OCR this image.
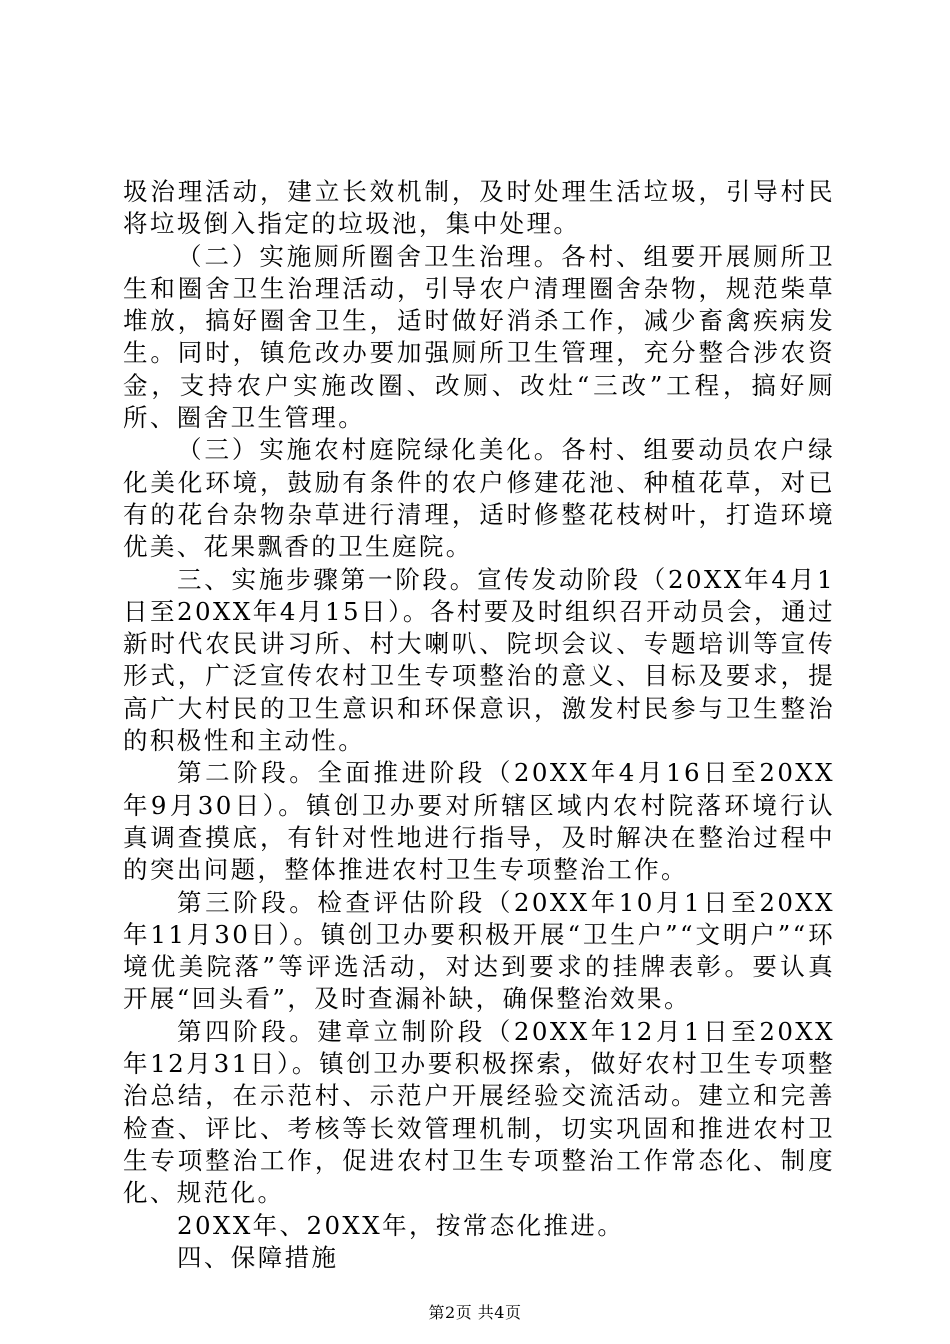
圾治理活动，建立长效机制，及时处理生活垃圾，引导村民将垃圾倒入指定的垃圾池，集中处理。

（二）实施厕所圈舍卫生治理。各村、组要开展厕所卫生和圈舍卫生治理活动，引导农户清理圈舍杂物，规范柴草堆放，搞好圈舍卫生，适时做好消杀工作，减少畜禽疾病发生。同时，镇危改办要加强厕所卫生管理，充分整合涉农资金，支持农户实施改圈、改厕、改灶“三改”工程，搞好厕所、圈舍卫生管理。

（三）实施农村庭院绿化美化。各村、组要动员农户绿化美化环境，鼓励有条件的农户修建花池、种植花草，对已有的花台杂物杂草进行清理，适时修整花枝树叶，打造环境优美、花果飘香的卫生庭院。

三、实施步骤第一阶段。宣传发动阶段（20XX年4月1日至20XX年4月15日）。各村要及时组织召开动员会，通过新时代农民讲习所、村大喇叭、院坝会议、专题培训等宣传形式，广泛宣传农村卫生专项整治的意义、目标及要求，提高广大村民的卫生意识和环保意识，激发村民参与卫生整治的积极性和主动性。

第二阶段。全面推进阶段（20XX年4月16日至20XX年9月30日）。镇创卫办要对所辖区域内农村院落环境行认真调查摸底，有针对性地进行指导，及时解决在整治过程中的突出问题，整体推进农村卫生专项整治工作。

第三阶段。检查评估阶段（20XX年10月1日至20XX年11月30日）。镇创卫办要积极开展“卫生户”“文明户”“环境优美院落”等评选活动，对达到要求的挂牌表彰。要认真开展“回头看”，及时查漏补缺，确保整治效果。

第四阶段。建章立制阶段（20XX年12月1日至20XX年12月31日）。镇创卫办要积极探索，做好农村卫生专项整治总结，在示范村、示范户开展经验交流活动。建立和完善检查、评比、考核等长效管理机制，切实巩固和推进农村卫生专项整治工作，促进农村卫生专项整治工作常态化、制度化、规范化。

20XX年、20XX年，按常态化推进。

四、保障措施

第2页 共4页
